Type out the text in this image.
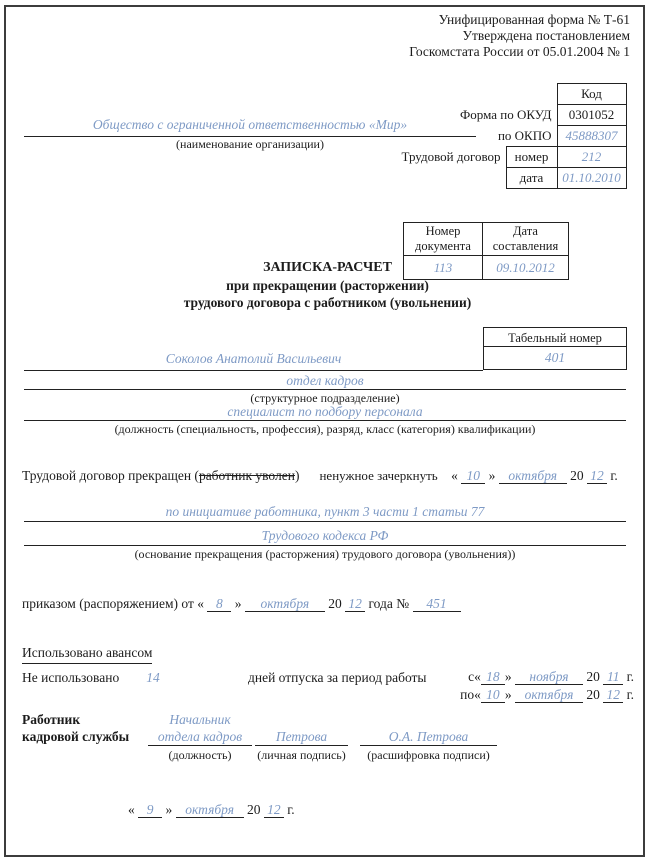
Унифицированная форма № Т-61
Утверждена постановлением
Госкомстата России от 05.01.2004 № 1
		Код
Форма по ОКУД		0301052
по ОКПО		45888307
Трудовой договор	номер	212
	дата	01.10.2010
Общество с ограниченной ответственностью «Мир»
(наименование организации)
Номер документа	Дата составления
113	09.10.2012
ЗАПИСКА-РАСЧЕТ
при прекращении (расторжении)
трудового договора с работником (увольнении)
Табельный номер
401
Соколов Анатолий Васильевич
отдел кадров
(структурное подразделение)
специалист по подбору персонала
(должность (специальность, профессия), разряд, класс (категория) квалификации)
Трудовой договор прекращен (работник уволен) ненужное зачеркнуть « 10 » октября 20 12 г.
по инициативе работника, пункт 3 части 1 статьи 77
Трудового кодекса РФ
(основание прекращения (расторжения) трудового договора (увольнения))
приказом (распоряжением) от « 8 » октября 20 12 года № 451
Использовано авансом
Не использовано	14	дней отпуска за период работы	с« 18 » ноября 20 11 г.
по« 10 » октября 20 12 г.
Работник
кадровой службы
Начальник
отдела кадров
(должность)
Петрова
(личная подпись)
О.А. Петрова
(расшифровка подписи)
« 9 » октября 20 12 г.
